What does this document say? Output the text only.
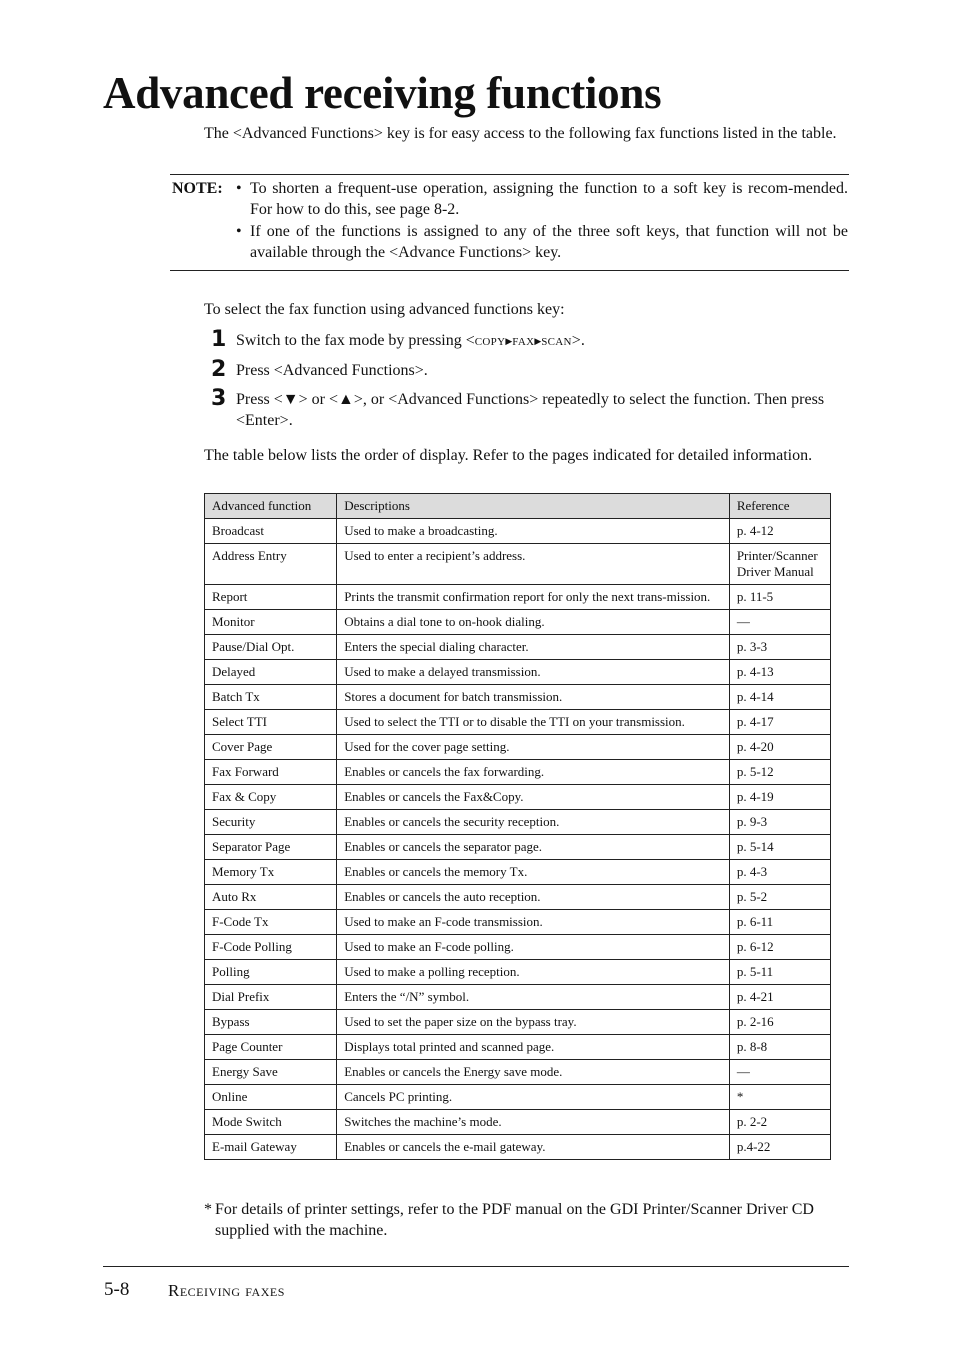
Advanced receiving functions
The <Advanced Functions> key is for easy access to the following fax functions listed in the table.
NOTE: • To shorten a frequent-use operation, assigning the function to a soft key is recom-mended. For how to do this, see page 8-2.
• If one of the functions is assigned to any of the three soft keys, that function will not be available through the <Advance Functions> key.
To select the fax function using advanced functions key:
1 Switch to the fax mode by pressing <COPY▶FAX▶SCAN>.
2 Press <Advanced Functions>.
3 Press <▼> or <▲>, or <Advanced Functions> repeatedly to select the function. Then press <Enter>.
The table below lists the order of display. Refer to the pages indicated for detailed information.
Advanced function	Descriptions	Reference
Broadcast	Used to make a broadcasting.	p. 4-12
Address Entry	Used to enter a recipient’s address.	Printer/Scanner Driver Manual
Report	Prints the transmit confirmation report for only the next trans-mission.	p. 11-5
Monitor	Obtains a dial tone to on-hook dialing.	—
Pause/Dial Opt.	Enters the special dialing character.	p. 3-3
Delayed	Used to make a delayed transmission.	p. 4-13
Batch Tx	Stores a document for batch transmission.	p. 4-14
Select TTI	Used to select the TTI or to disable the TTI on your transmission.	p. 4-17
Cover Page	Used for the cover page setting.	p. 4-20
Fax Forward	Enables or cancels the fax forwarding.	p. 5-12
Fax & Copy	Enables or cancels the Fax&Copy.	p. 4-19
Security	Enables or cancels the security reception.	p. 9-3
Separator Page	Enables or cancels the separator page.	p. 5-14
Memory Tx	Enables or cancels the memory Tx.	p. 4-3
Auto Rx	Enables or cancels the auto reception.	p. 5-2
F-Code Tx	Used to make an F-code transmission.	p. 6-11
F-Code Polling	Used to make an F-code polling.	p. 6-12
Polling	Used to make a polling reception.	p. 5-11
Dial Prefix	Enters the “/N” symbol.	p. 4-21
Bypass	Used to set the paper size on the bypass tray.	p. 2-16
Page Counter	Displays total printed and scanned page.	p. 8-8
Energy Save	Enables or cancels the Energy save mode.	—
Online	Cancels PC printing.	*
Mode Switch	Switches the machine’s mode.	p. 2-2
E-mail Gateway	Enables or cancels the e-mail gateway.	p.4-22
* For details of printer settings, refer to the PDF manual on the GDI Printer/Scanner Driver CD supplied with the machine.
5-8 Receiving faxes
